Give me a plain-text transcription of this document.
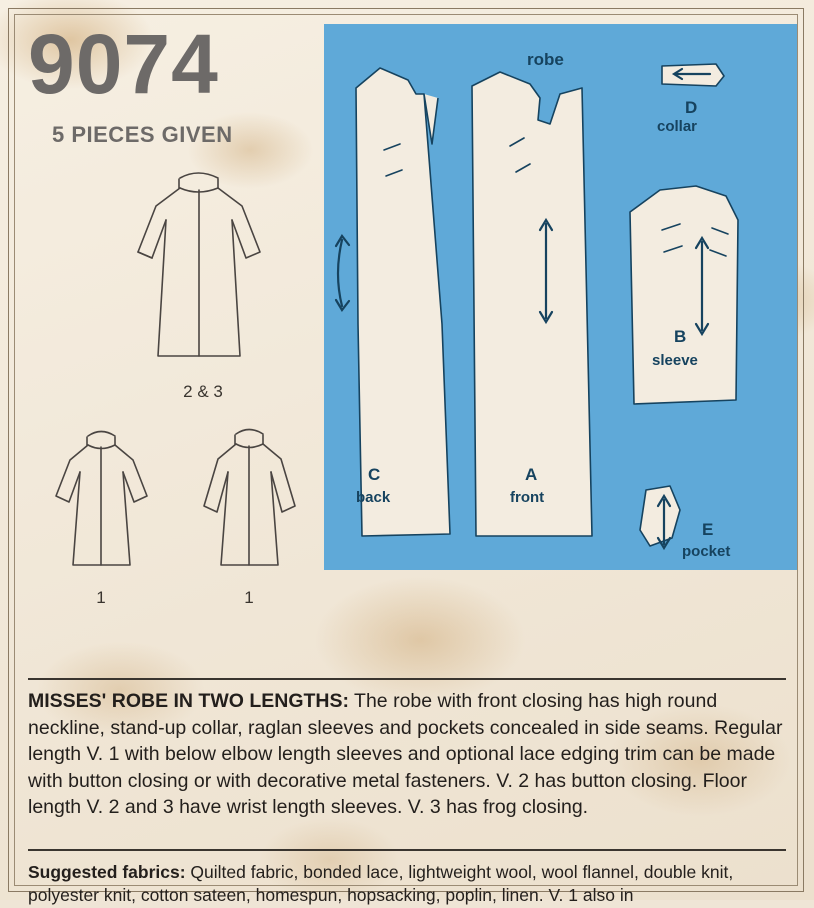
9074
5 PIECES GIVEN
2 & 3
1	1
robe
D
collar
B
sleeve
C
back
A
front
E
pocket
MISSES' ROBE IN TWO LENGTHS: The robe with front closing has high round neckline, stand-up collar, raglan sleeves and pockets concealed in side seams. Regular length V. 1 with below elbow length sleeves and optional lace edging trim can be made with button closing or with decorative metal fasteners. V. 2 has button closing. Floor length V. 2 and 3 have wrist length sleeves. V. 3 has frog closing.
Suggested fabrics: Quilted fabric, bonded lace, lightweight wool, wool flannel, double knit, polyester knit, cotton sateen, homespun, hopsacking, poplin, linen. V. 1 also in
